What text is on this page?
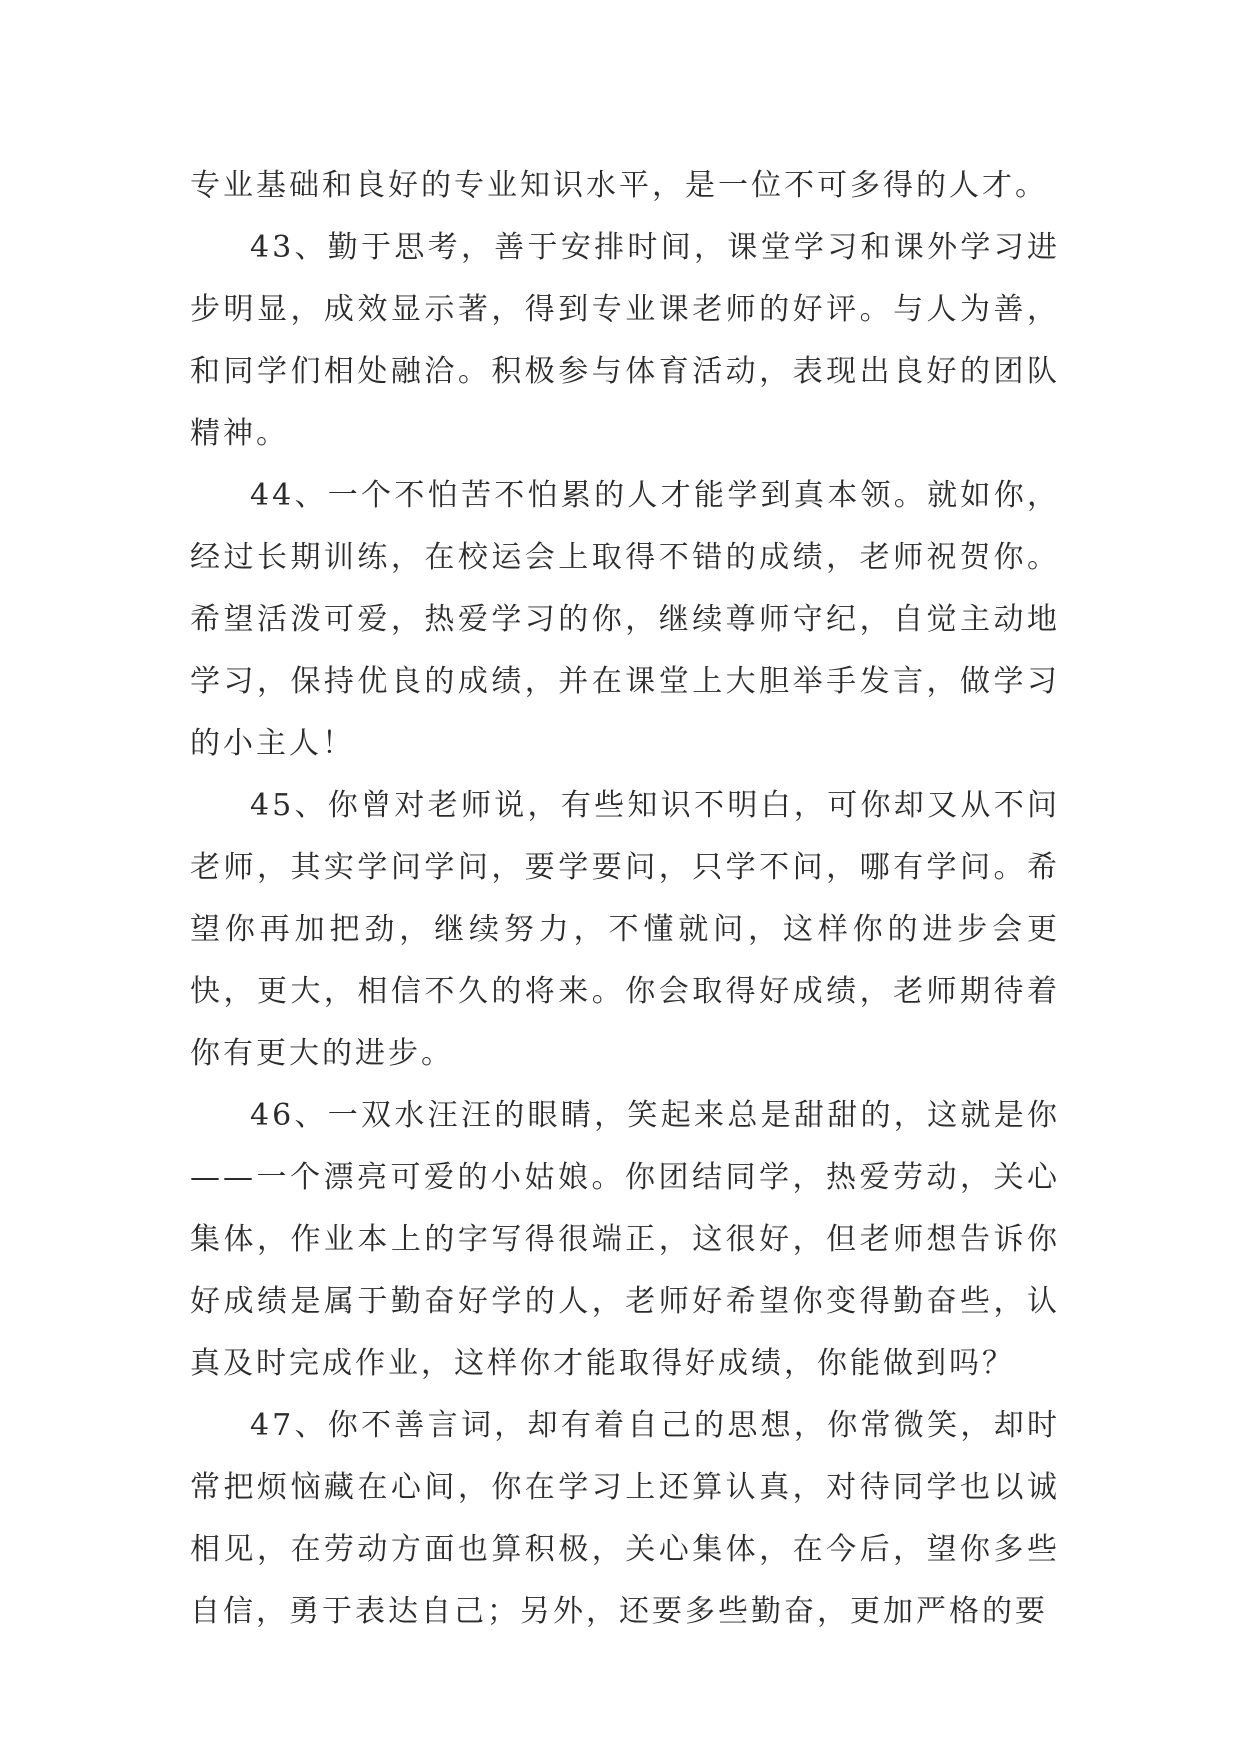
专业基础和良好的专业知识水平，是一位不可多得的人才。

43、勤于思考，善于安排时间，课堂学习和课外学习进步明显，成效显示著，得到专业课老师的好评。与人为善，和同学们相处融洽。积极参与体育活动，表现出良好的团队精神。

44、一个不怕苦不怕累的人才能学到真本领。就如你，经过长期训练，在校运会上取得不错的成绩，老师祝贺你。希望活泼可爱，热爱学习的你，继续尊师守纪，自觉主动地学习，保持优良的成绩，并在课堂上大胆举手发言，做学习的小主人！

45、你曾对老师说，有些知识不明白，可你却又从不问老师，其实学问学问，要学要问，只学不问，哪有学问。希望你再加把劲，继续努力，不懂就问，这样你的进步会更快，更大，相信不久的将来。你会取得好成绩，老师期待着你有更大的进步。

46、一双水汪汪的眼睛，笑起来总是甜甜的，这就是你——一个漂亮可爱的小姑娘。你团结同学，热爱劳动，关心集体，作业本上的字写得很端正，这很好，但老师想告诉你好成绩是属于勤奋好学的人，老师好希望你变得勤奋些，认真及时完成作业，这样你才能取得好成绩，你能做到吗？

47、你不善言词，却有着自己的思想，你常微笑，却时常把烦恼藏在心间，你在学习上还算认真，对待同学也以诚相见，在劳动方面也算积极，关心集体，在今后，望你多些自信，勇于表达自己；另外，还要多些勤奋，更加严格的要
